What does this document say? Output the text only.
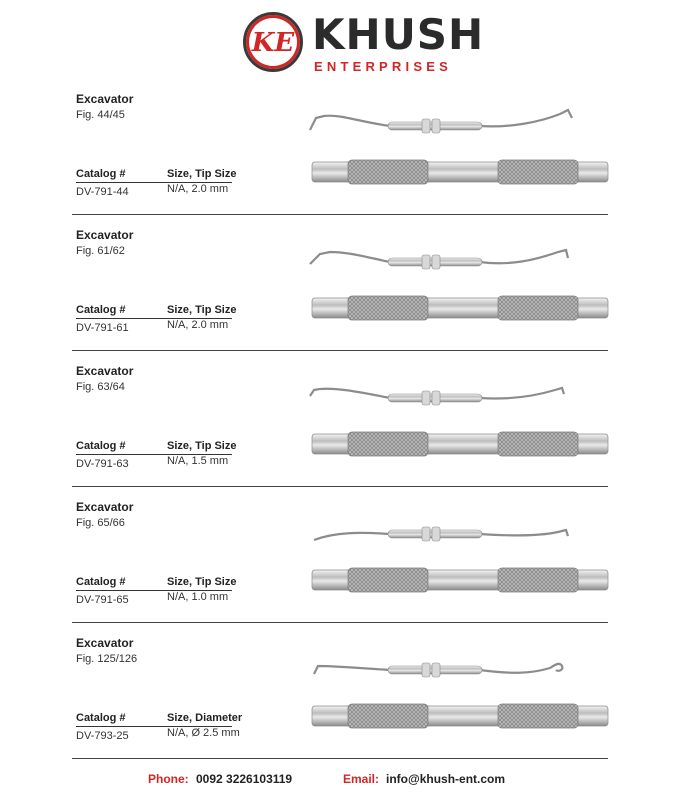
KE KHUSH
ENTERPRISES
Excavator
Fig. 44/45
Catalog #	Size, Tip Size
DV-791-44	N/A, 2.0 mm
Excavator
Fig. 61/62
Catalog #	Size, Tip Size
DV-791-61	N/A, 2.0 mm
Excavator
Fig. 63/64
Catalog #	Size, Tip Size
DV-791-63	N/A, 1.5 mm
Excavator
Fig. 65/66
Catalog #	Size, Tip Size
DV-791-65	N/A, 1.0 mm
Excavator
Fig. 125/126
Catalog #	Size, Diameter
DV-793-25	N/A, Ø 2.5 mm
Phone: 0092 3226103119	Email: info@khush-ent.com
